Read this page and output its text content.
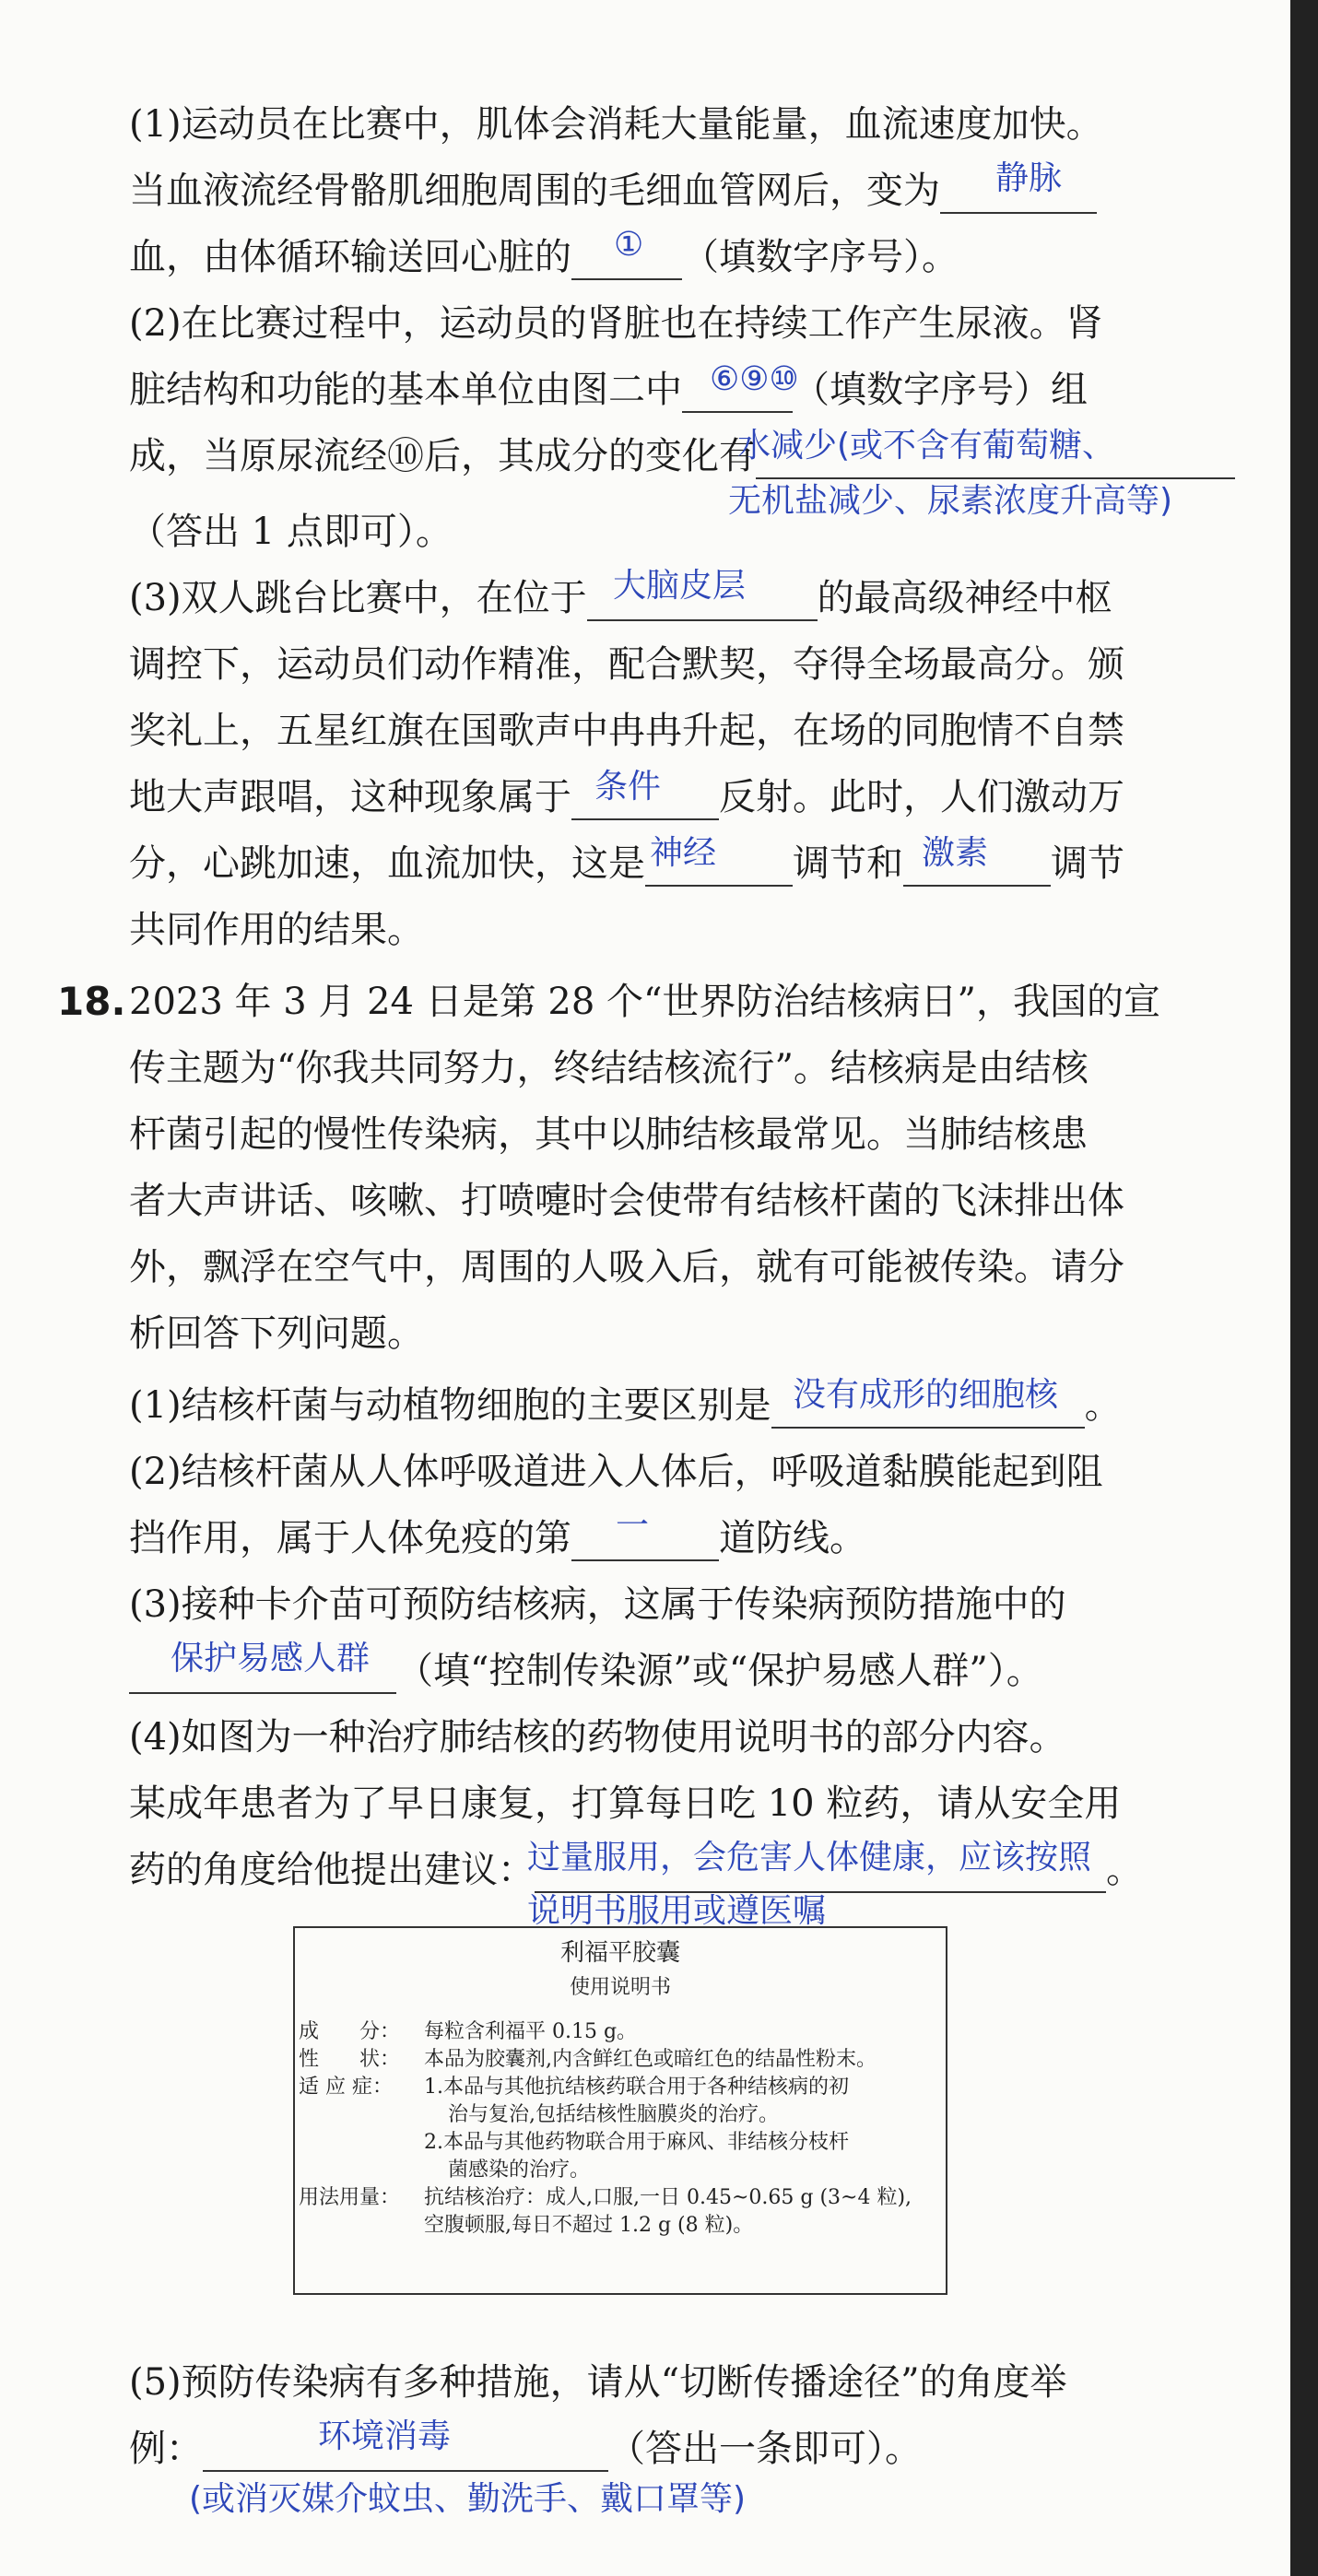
(1)运动员在比赛中，肌体会消耗大量能量，血流速度加快。
当血液流经骨骼肌细胞周围的毛细血管网后，变为	静脉
血，由体循环输送回心脏的	（填数字序号）。
①
(2)在比赛过程中，运动员的肾脏也在持续工作产生尿液。肾
脏结构和功能的基本单位由图二中	（填数字序号）组
⑥⑨⑩
成，当原尿流经⑩后，其成分的变化有
水减少(或不含有葡萄糖、
无机盐减少、尿素浓度升高等)
（答出 1 点即可）。
(3)双人跳台比赛中，在位于	的最高级神经中枢
大脑皮层
调控下，运动员们动作精准，配合默契，夺得全场最高分。颁
奖礼上，五星红旗在国歌声中冉冉升起，在场的同胞情不自禁
地大声跟唱，这种现象属于	反射。此时，人们激动万
条件
分，心跳加速，血流加快，这是	调节和	调节
神经	激素
共同作用的结果。
18. 2023 年 3 月 24 日是第 28 个“世界防治结核病日”，我国的宣
传主题为“你我共同努力，终结结核流行”。结核病是由结核
杆菌引起的慢性传染病，其中以肺结核最常见。当肺结核患
者大声讲话、咳嗽、打喷嚏时会使带有结核杆菌的飞沫排出体
外，飘浮在空气中，周围的人吸入后，就有可能被传染。请分
析回答下列问题。
(1)结核杆菌与动植物细胞的主要区别是	。
没有成形的细胞核
(2)结核杆菌从人体呼吸道进入人体后，呼吸道黏膜能起到阻
挡作用，属于人体免疫的第	道防线。
一
(3)接种卡介苗可预防结核病，这属于传染病预防措施中的
（填“控制传染源”或“保护易感人群”）。
保护易感人群
(4)如图为一种治疗肺结核的药物使用说明书的部分内容。
某成年患者为了早日康复，打算每日吃 10 粒药，请从安全用
药的角度给他提出建议：	。
过量服用，会危害人体健康，应该按照
说明书服用或遵医嘱
利福平胶囊
使用说明书
成　　分：	每粒含利福平 0.15 g。
性　　状：	本品为胶囊剂,内含鲜红色或暗红色的结晶性粉末。
适 应 症：	1.本品与其他抗结核药联合用于各种结核病的初
治与复治,包括结核性脑膜炎的治疗。
2.本品与其他药物联合用于麻风、非结核分枝杆
菌感染的治疗。
用法用量：	抗结核治疗：成人,口服,一日 0.45~0.65 g (3~4 粒),
空腹顿服,每日不超过 1.2 g (8 粒)。
(5)预防传染病有多种措施，请从“切断传播途径”的角度举
例：	（答出一条即可）。
环境消毒
(或消灭媒介蚊虫、勤洗手、戴口罩等)
